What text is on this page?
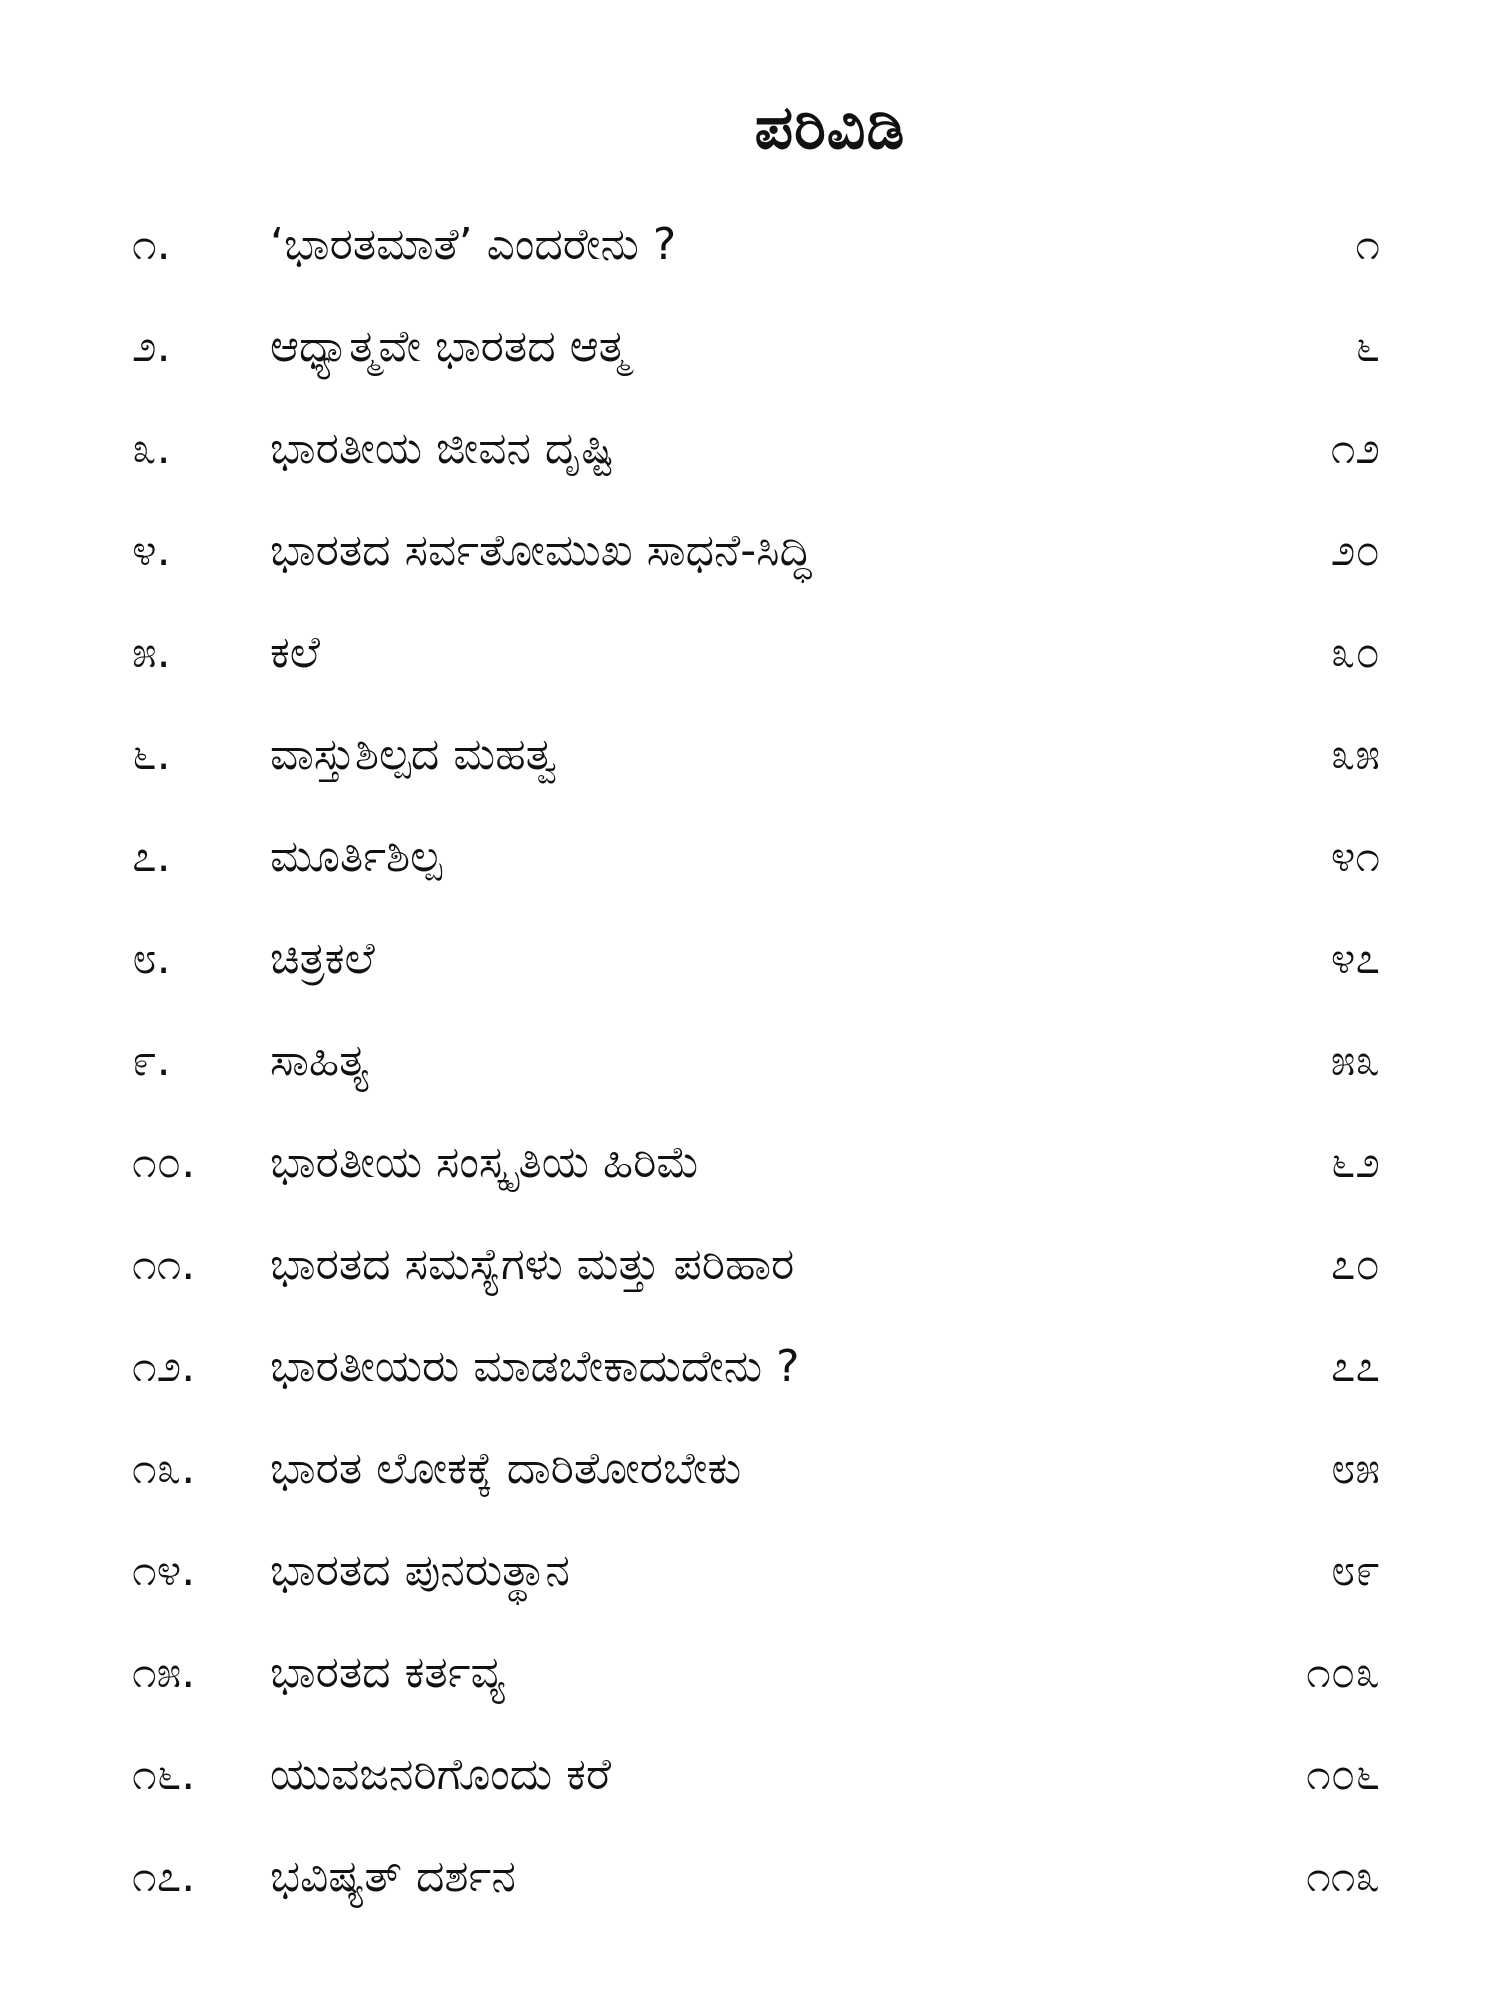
ಪರಿವಿಡಿ
೧.	‘ಭಾರತಮಾತೆ’ ಎಂದರೇನು ?	೧
೨.	ಆಧ್ಯಾತ್ಮವೇ ಭಾರತದ ಆತ್ಮ	೬
೩.	ಭಾರತೀಯ ಜೀವನ ದೃಷ್ಟಿ	೧೨
೪.	ಭಾರತದ ಸರ್ವತೋಮುಖ ಸಾಧನೆ-ಸಿದ್ಧಿ	೨೦
೫.	ಕಲೆ	೩೦
೬.	ವಾಸ್ತುಶಿಲ್ಪದ ಮಹತ್ವ	೩೫
೭.	ಮೂರ್ತಿಶಿಲ್ಪ	೪೧
೮.	ಚಿತ್ರಕಲೆ	೪೭
೯.	ಸಾಹಿತ್ಯ	೫೩
೧೦.	ಭಾರತೀಯ ಸಂಸ್ಕೃತಿಯ ಹಿರಿಮೆ	೬೨
೧೧.	ಭಾರತದ ಸಮಸ್ಯೆಗಳು ಮತ್ತು ಪರಿಹಾರ	೭೦
೧೨.	ಭಾರತೀಯರು ಮಾಡಬೇಕಾದುದೇನು ?	೭೭
೧೩.	ಭಾರತ ಲೋಕಕ್ಕೆ ದಾರಿತೋರಬೇಕು	೮೫
೧೪.	ಭಾರತದ ಪುನರುತ್ಥಾನ	೮೯
೧೫.	ಭಾರತದ ಕರ್ತವ್ಯ	೧೦೩
೧೬.	ಯುವಜನರಿಗೊಂದು ಕರೆ	೧೦೬
೧೭.	ಭವಿಷ್ಯತ್ ದರ್ಶನ	೧೧೩
